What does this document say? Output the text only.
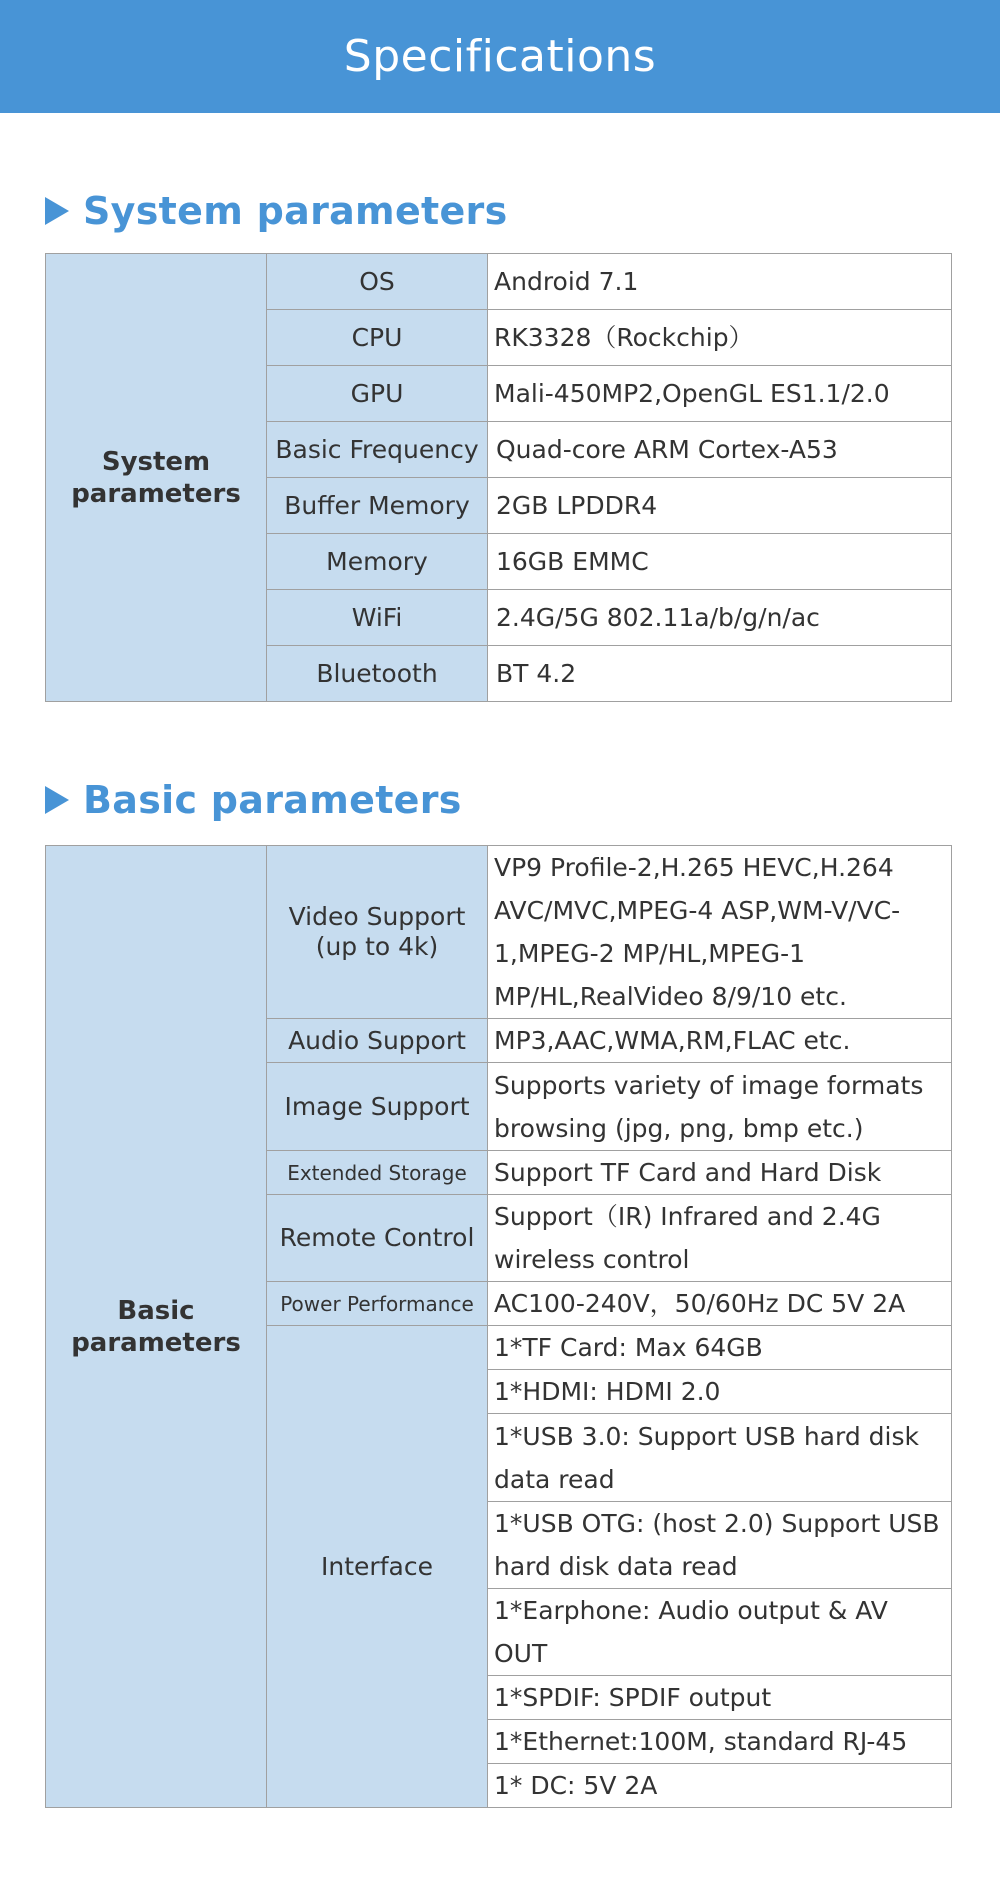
Specifications
System parameters
System parameters	OS	Android 7.1
	CPU	RK3328（Rockchip）
	GPU	Mali-450MP2,OpenGL ES1.1/2.0
	Basic Frequency	Quad-core ARM Cortex-A53
	Buffer Memory	2GB LPDDR4
	Memory	16GB EMMC
	WiFi	2.4G/5G 802.11a/b/g/n/ac
	Bluetooth	BT 4.2
Basic parameters
Basic parameters	Video Support (up to 4k)	VP9 Profile-2,H.265 HEVC,H.264 AVC/MVC,MPEG-4 ASP,WM-V/VC-1,MPEG-2 MP/HL,MPEG-1 MP/HL,RealVideo 8/9/10 etc.
	Audio Support	MP3,AAC,WMA,RM,FLAC etc.
	Image Support	Supports variety of image formats browsing (jpg, png, bmp etc.)
	Extended Storage	Support TF Card and Hard Disk
	Remote Control	Support（IR) Infrared and 2.4G wireless control
	Power Performance	AC100-240V，50/60Hz DC 5V 2A
	Interface	1*TF Card: Max 64GB
		1*HDMI: HDMI 2.0
		1*USB 3.0: Support USB hard disk data read
		1*USB OTG: (host 2.0) Support USB hard disk data read
		1*Earphone: Audio output & AV OUT
		1*SPDIF: SPDIF output
		1*Ethernet:100M, standard RJ-45
		1* DC: 5V 2A
